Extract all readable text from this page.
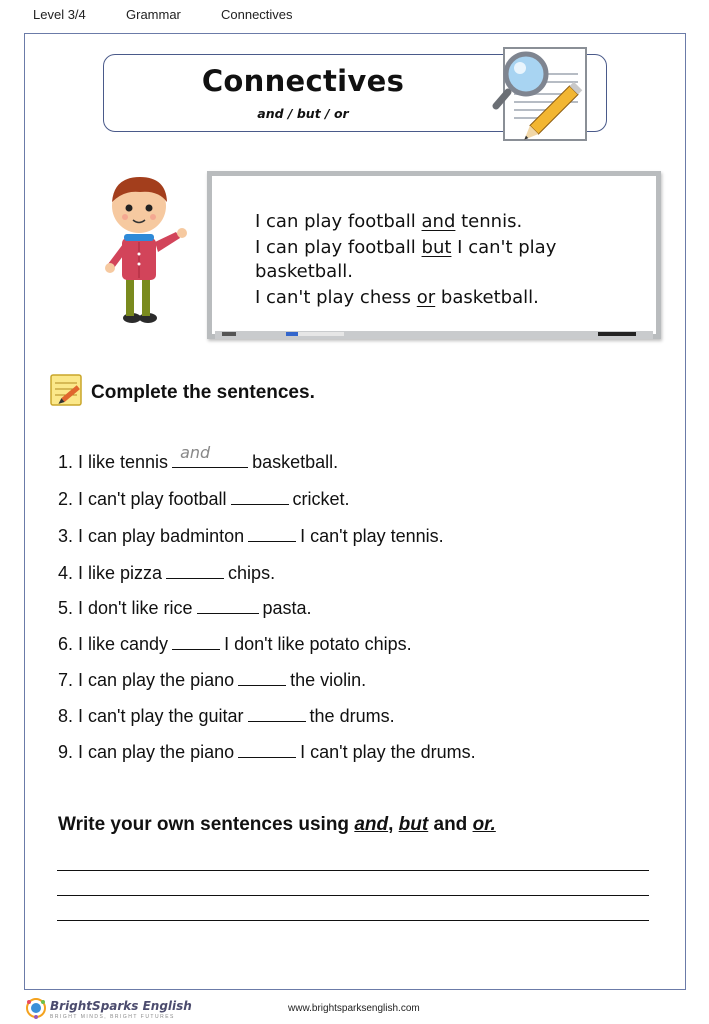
Level 3/4	Grammar	Connectives
Connectives
and / but / or
I can play football and tennis.
I can play football but I can't play
basketball.
I can't play chess or basketball.
Complete the sentences.
1. I like tennis and basketball.
2. I can't play football	cricket.
3. I can play badminton	I can't play tennis.
4. I like pizza	chips.
5. I don't like rice	pasta.
6. I like candy	I don't like potato chips.
7. I can play the piano	the violin.
8. I can't play the guitar	the drums.
9. I can play the piano	I can't play the drums.
Write your own sentences using and, but and or.
BrightSparks English
BRIGHT MINDS, BRIGHT FUTURES
www.brightsparksenglish.com
